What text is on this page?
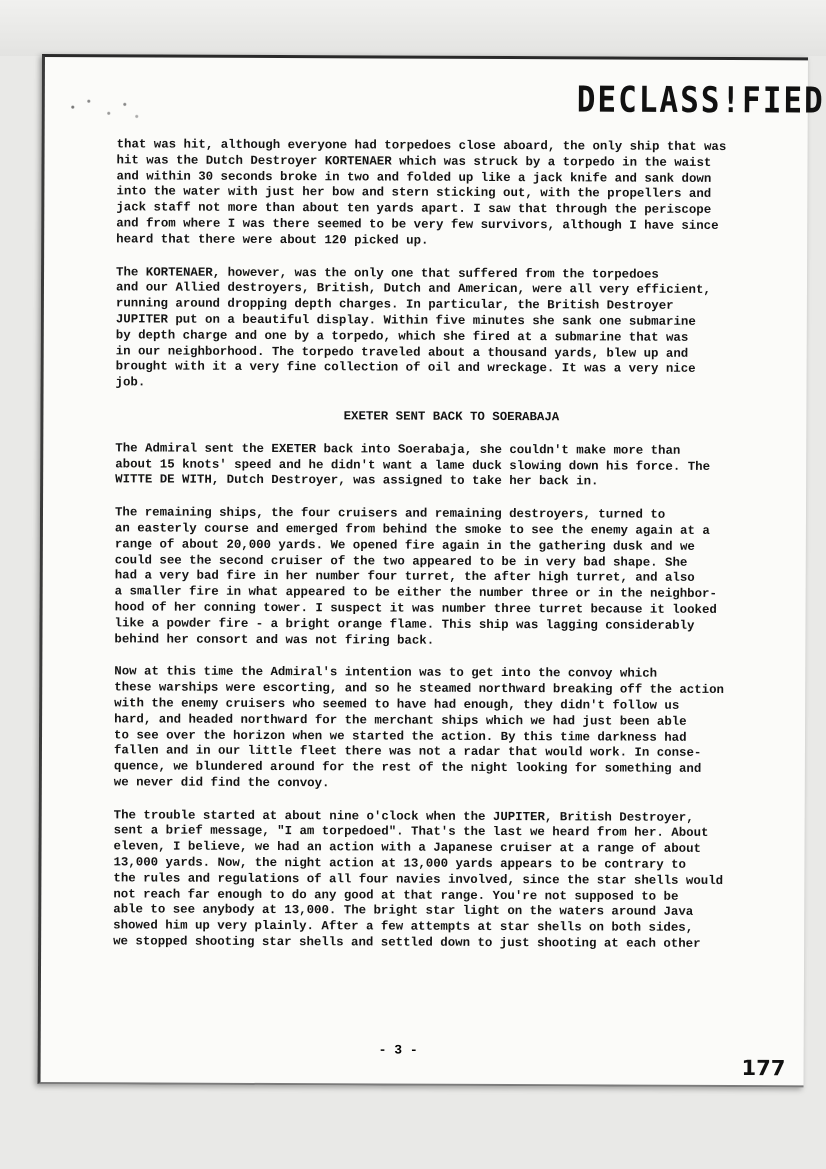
DECLASS!FIED

that was hit, although everyone had torpedoes close aboard, the only ship that was
hit was the Dutch Destroyer KORTENAER which was struck by a torpedo in the waist
and within 30 seconds broke in two and folded up like a jack knife and sank down
into the water with just her bow and stern sticking out, with the propellers and
jack staff not more than about ten yards apart. I saw that through the periscope
and from where I was there seemed to be very few survivors, although I have since
heard that there were about 120 picked up.

The KORTENAER, however, was the only one that suffered from the torpedoes
and our Allied destroyers, British, Dutch and American, were all very efficient,
running around dropping depth charges. In particular, the British Destroyer
JUPITER put on a beautiful display. Within five minutes she sank one submarine
by depth charge and one by a torpedo, which she fired at a submarine that was
in our neighborhood. The torpedo traveled about a thousand yards, blew up and
brought with it a very fine collection of oil and wreckage. It was a very nice
job.

EXETER SENT BACK TO SOERABAJA

The Admiral sent the EXETER back into Soerabaja, she couldn't make more than
about 15 knots' speed and he didn't want a lame duck slowing down his force. The
WITTE DE WITH, Dutch Destroyer, was assigned to take her back in.

The remaining ships, the four cruisers and remaining destroyers, turned to
an easterly course and emerged from behind the smoke to see the enemy again at a
range of about 20,000 yards. We opened fire again in the gathering dusk and we
could see the second cruiser of the two appeared to be in very bad shape. She
had a very bad fire in her number four turret, the after high turret, and also
a smaller fire in what appeared to be either the number three or in the neighbor-
hood of her conning tower. I suspect it was number three turret because it looked
like a powder fire - a bright orange flame. This ship was lagging considerably
behind her consort and was not firing back.

Now at this time the Admiral's intention was to get into the convoy which
these warships were escorting, and so he steamed northward breaking off the action
with the enemy cruisers who seemed to have had enough, they didn't follow us
hard, and headed northward for the merchant ships which we had just been able
to see over the horizon when we started the action. By this time darkness had
fallen and in our little fleet there was not a radar that would work. In conse-
quence, we blundered around for the rest of the night looking for something and
we never did find the convoy.

The trouble started at about nine o'clock when the JUPITER, British Destroyer,
sent a brief message, "I am torpedoed". That's the last we heard from her. About
eleven, I believe, we had an action with a Japanese cruiser at a range of about
13,000 yards. Now, the night action at 13,000 yards appears to be contrary to
the rules and regulations of all four navies involved, since the star shells would
not reach far enough to do any good at that range. You're not supposed to be
able to see anybody at 13,000. The bright star light on the waters around Java
showed him up very plainly. After a few attempts at star shells on both sides,
we stopped shooting star shells and settled down to just shooting at each other

- 3 -
177
